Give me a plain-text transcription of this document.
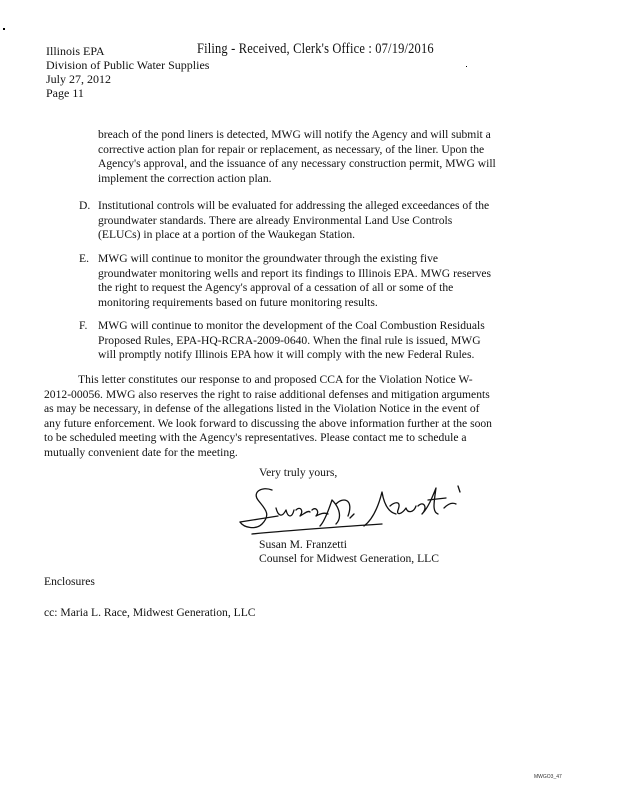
Illinois EPA
Division of Public Water Supplies
July 27, 2012
Page 11
Filing - Received, Clerk's Office : 07/19/2016
breach of the pond liners is detected, MWG will notify the Agency and will submit a
corrective action plan for repair or replacement, as necessary, of the liner. Upon the
Agency's approval, and the issuance of any necessary construction permit, MWG will
implement the correction action plan.
D. Institutional controls will be evaluated for addressing the alleged exceedances of the
groundwater standards. There are already Environmental Land Use Controls
(ELUCs) in place at a portion of the Waukegan Station.
E. MWG will continue to monitor the groundwater through the existing five
groundwater monitoring wells and report its findings to Illinois EPA. MWG reserves
the right to request the Agency's approval of a cessation of all or some of the
monitoring requirements based on future monitoring results.
F. MWG will continue to monitor the development of the Coal Combustion Residuals
Proposed Rules, EPA-HQ-RCRA-2009-0640. When the final rule is issued, MWG
will promptly notify Illinois EPA how it will comply with the new Federal Rules.
This letter constitutes our response to and proposed CCA for the Violation Notice W-
2012-00056. MWG also reserves the right to raise additional defenses and mitigation arguments
as may be necessary, in defense of the allegations listed in the Violation Notice in the event of
any future enforcement. We look forward to discussing the above information further at the soon
to be scheduled meeting with the Agency's representatives. Please contact me to schedule a
mutually convenient date for the meeting.
Very truly yours,
Susan M. Franzetti
Counsel for Midwest Generation, LLC
Enclosures
cc: Maria L. Race, Midwest Generation, LLC
MWGO3_47
